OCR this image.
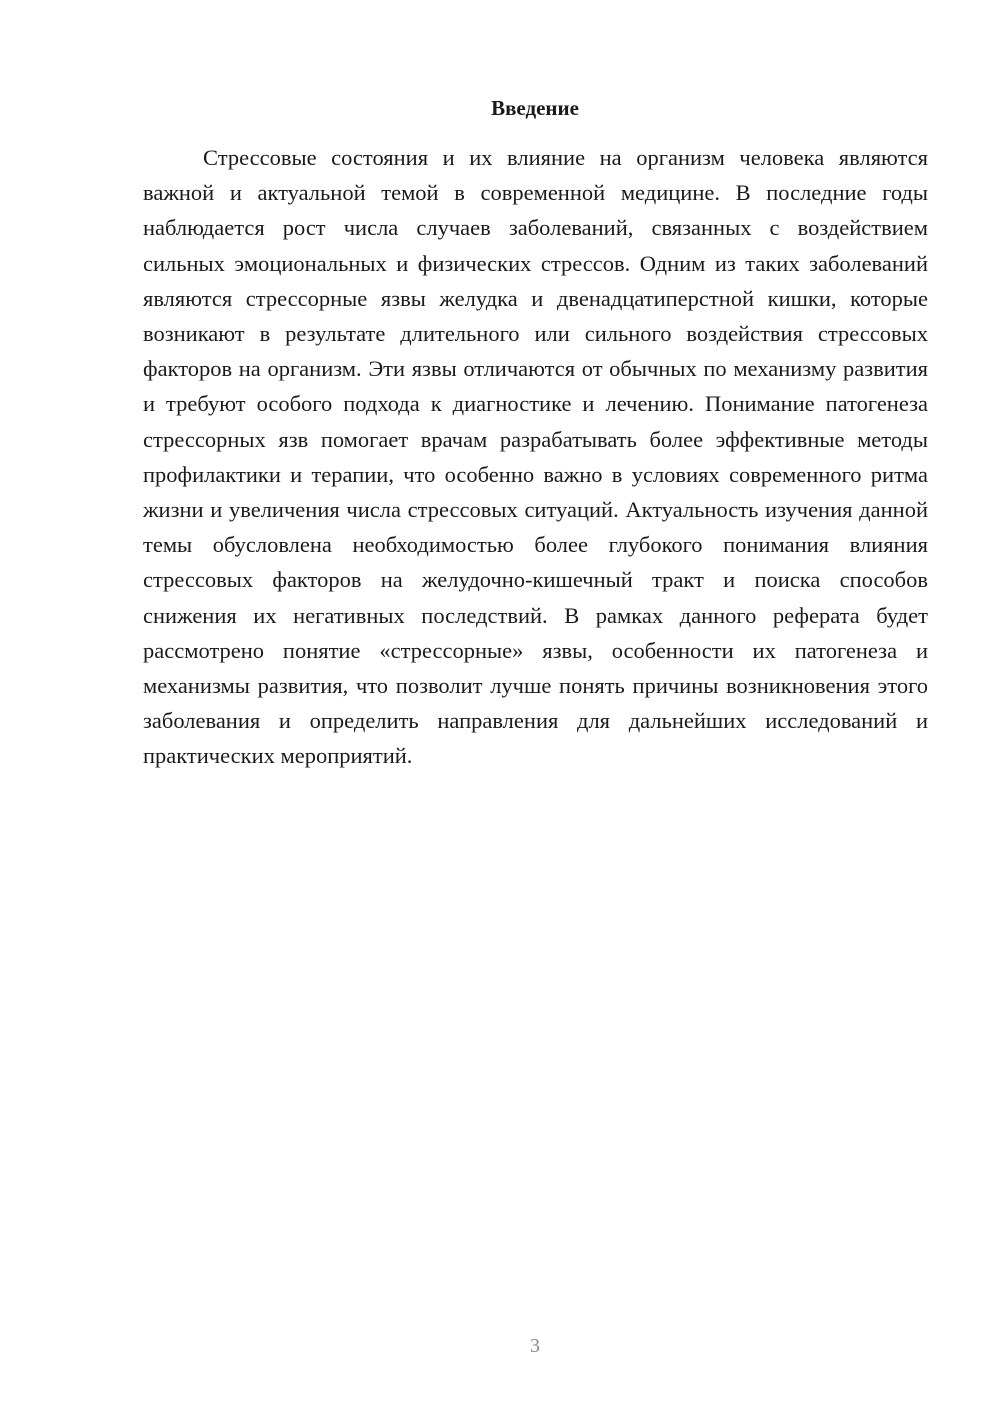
Введение

Стрессовые состояния и их влияние на организм человека являются важной и актуальной темой в современной медицине. В последние годы наблюдается рост числа случаев заболеваний, связанных с воздействием сильных эмоциональных и физических стрессов. Одним из таких заболеваний являются стрессорные язвы желудка и двенадцатиперстной кишки, которые возникают в результате длительного или сильного воздействия стрессовых факторов на организм. Эти язвы отличаются от обычных по механизму развития и требуют особого подхода к диагностике и лечению. Понимание патогенеза стрессорных язв помогает врачам разрабатывать более эффективные методы профилактики и терапии, что особенно важно в условиях современного ритма жизни и увеличения числа стрессовых ситуаций. Актуальность изучения данной темы обусловлена необходимостью более глубокого понимания влияния стрессовых факторов на желудочно-кишечный тракт и поиска способов снижения их негативных последствий. В рамках данного реферата будет рассмотрено понятие «стрессорные» язвы, особенности их патогенеза и механизмы развития, что позволит лучше понять причины возникновения этого заболевания и определить направления для дальнейших исследований и практических мероприятий.

3
